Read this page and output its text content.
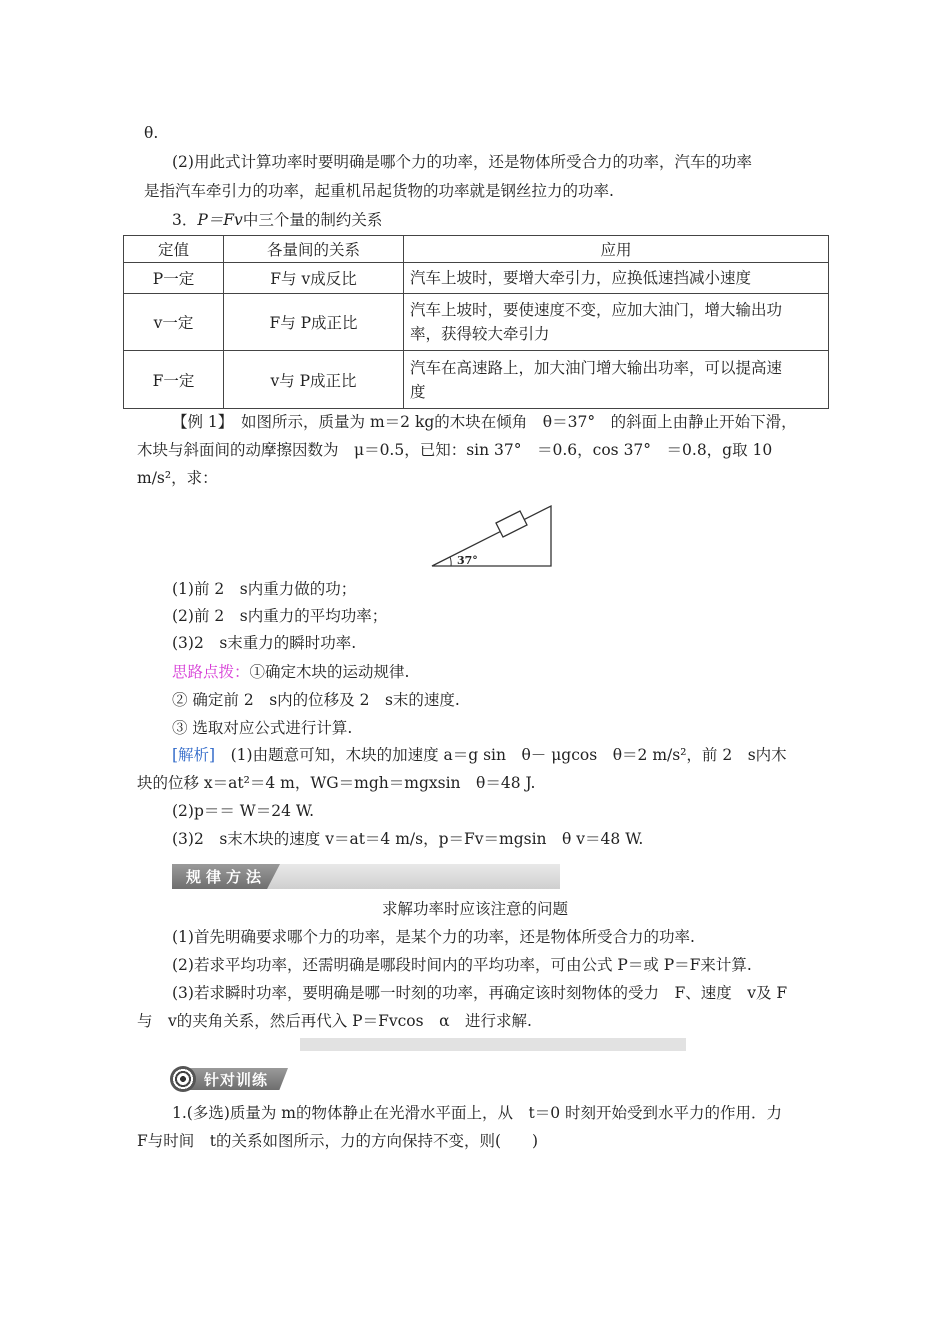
θ.
(2)用此式计算功率时要明确是哪个力的功率，还是物体所受合力的功率，汽车的功率
是指汽车牵引力的功率，起重机吊起货物的功率就是钢丝拉力的功率.
3．P＝Fv中三个量的制约关系
定值	各量间的关系	应用
P一定	F与 v成反比	汽车上坡时，要增大牵引力，应换低速挡减小速度
v一定	F与 P成正比	汽车上坡时，要使速度不变，应加大油门，增大输出功
率，获得较大牵引力

F一定	v与 P成正比	汽车在高速路上，加大油门增大输出功率，可以提高速
度
【例 1】　如图所示，质量为 m＝2 kg的木块在倾角　θ＝37°　的斜面上由静止开始下滑，
木块与斜面间的动摩擦因数为　μ＝0.5，已知：sin 37°　＝0.6，cos 37°　＝0.8，g取 10
m/s²，求：
37°
(1)前 2　s内重力做的功；
(2)前 2　s内重力的平均功率；
(3)2　s末重力的瞬时功率.
思路点拨：①确定木块的运动规律.
② 确定前 2　s内的位移及 2　s末的速度.
③ 选取对应公式进行计算.
[解析]　(1)由题意可知，木块的加速度 a＝g sin　θ－ μgcos　θ＝2 m/s²，前 2　s内木
块的位移 x＝at²＝4 m，WG＝mgh＝mgxsin　θ＝48 J.
(2)p＝＝ W＝24 W.
(3)2　s末木块的速度 v＝at＝4 m/s，p＝Fv＝mgsin　θ v＝48 W.
规律方法
求解功率时应该注意的问题
(1)首先明确要求哪个力的功率，是某个力的功率，还是物体所受合力的功率.
(2)若求平均功率，还需明确是哪段时间内的平均功率，可由公式 P＝或 P＝F来计算.
(3)若求瞬时功率，要明确是哪一时刻的功率，再确定该时刻物体的受力　F、速度　v及 F
与　v的夹角关系，然后再代入 P＝Fvcos　α　进行求解.
针对训练
1.(多选)质量为 m的物体静止在光滑水平面上，从　t＝0 时刻开始受到水平力的作用．力
F与时间　t的关系如图所示，力的方向保持不变，则(　　)
